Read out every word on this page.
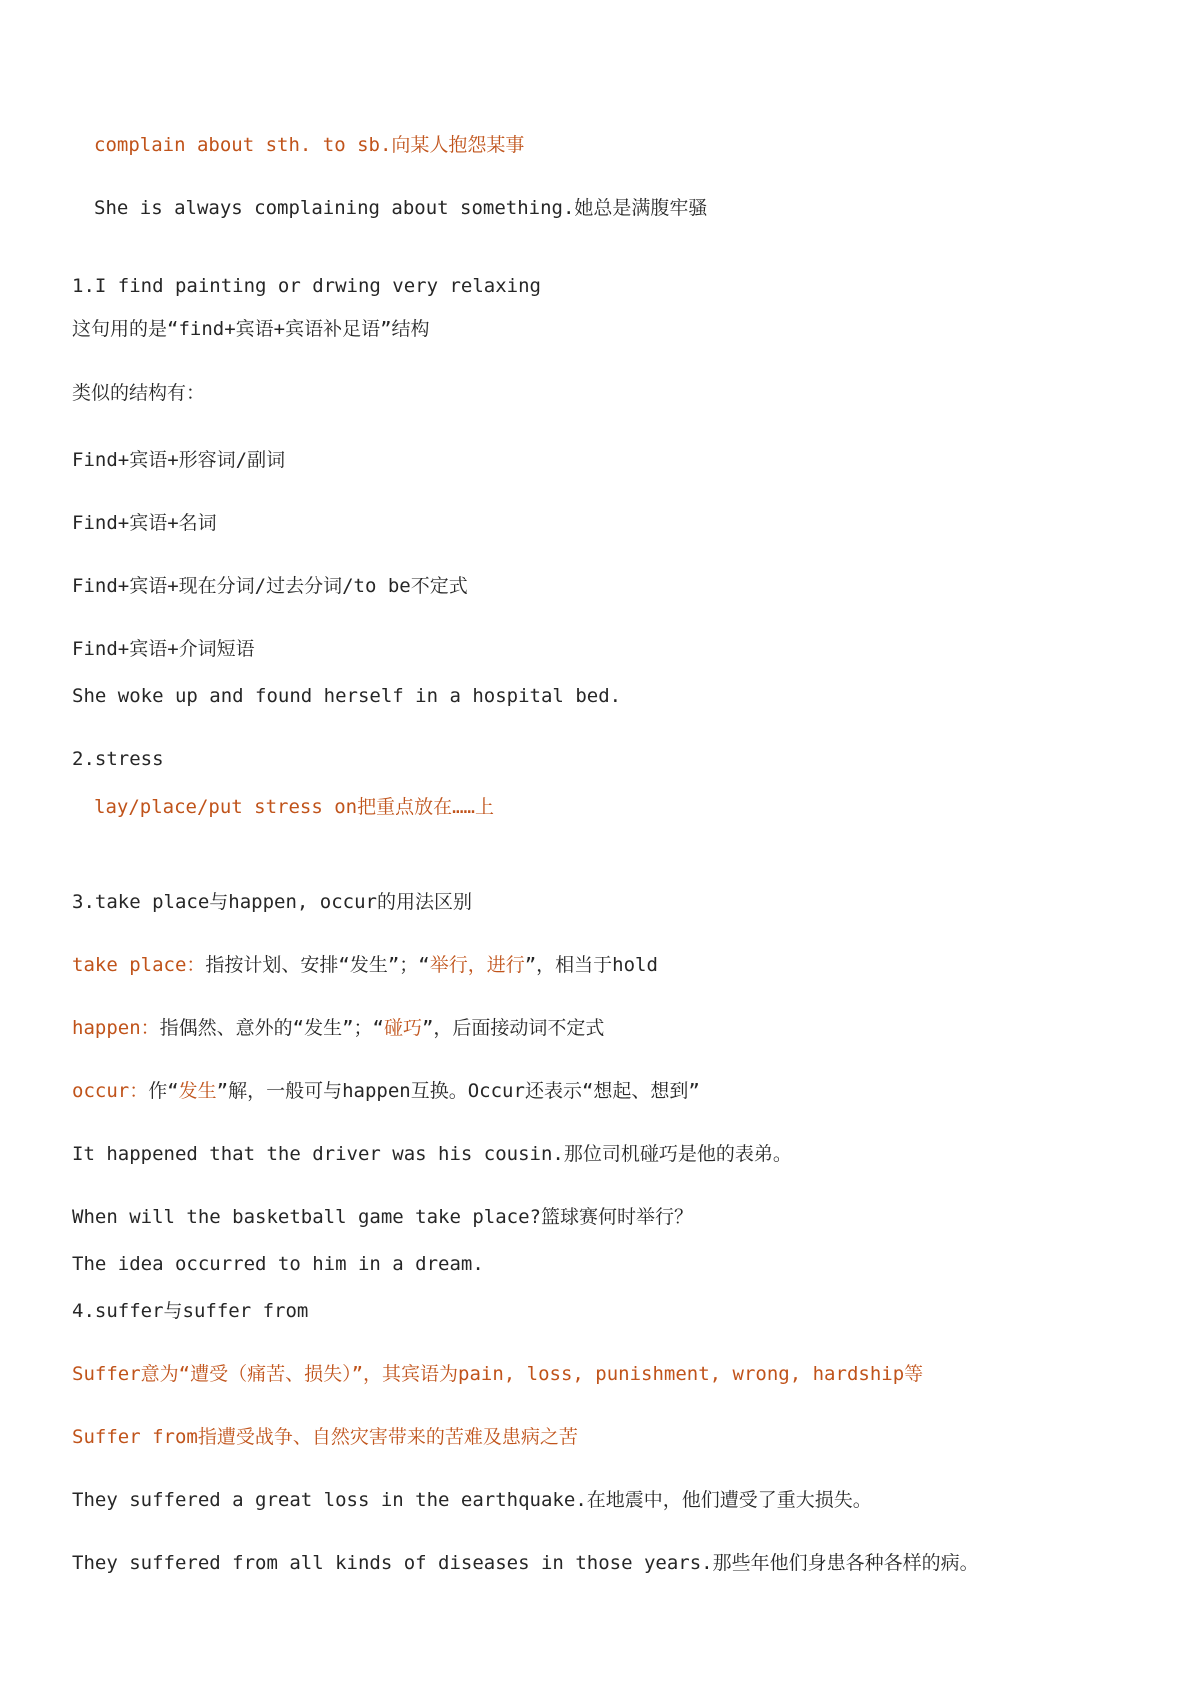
complain about sth. to sb.向某人抱怨某事
She is always complaining about something.她总是满腹牢骚
1.I find painting or drwing very relaxing
这句用的是“find+宾语+宾语补足语”结构
类似的结构有：
Find+宾语+形容词/副词
Find+宾语+名词
Find+宾语+现在分词/过去分词/to be不定式
Find+宾语+介词短语
She woke up and found herself in a hospital bed.
2.stress
lay/place/put stress on把重点放在……上
3.take place与happen, occur的用法区别
take place：指按计划、安排“发生”；“举行，进行”，相当于hold
happen：指偶然、意外的“发生”；“碰巧”，后面接动词不定式
occur：作“发生”解，一般可与happen互换。Occur还表示“想起、想到”
It happened that the driver was his cousin.那位司机碰巧是他的表弟。
When will the basketball game take place?篮球赛何时举行？
The idea occurred to him in a dream.
4.suffer与suffer from
Suffer意为“遭受（痛苦、损失）”，其宾语为pain, loss, punishment, wrong, hardship等
Suffer from指遭受战争、自然灾害带来的苦难及患病之苦
They suffered a great loss in the earthquake.在地震中，他们遭受了重大损失。
They suffered from all kinds of diseases in those years.那些年他们身患各种各样的病。
